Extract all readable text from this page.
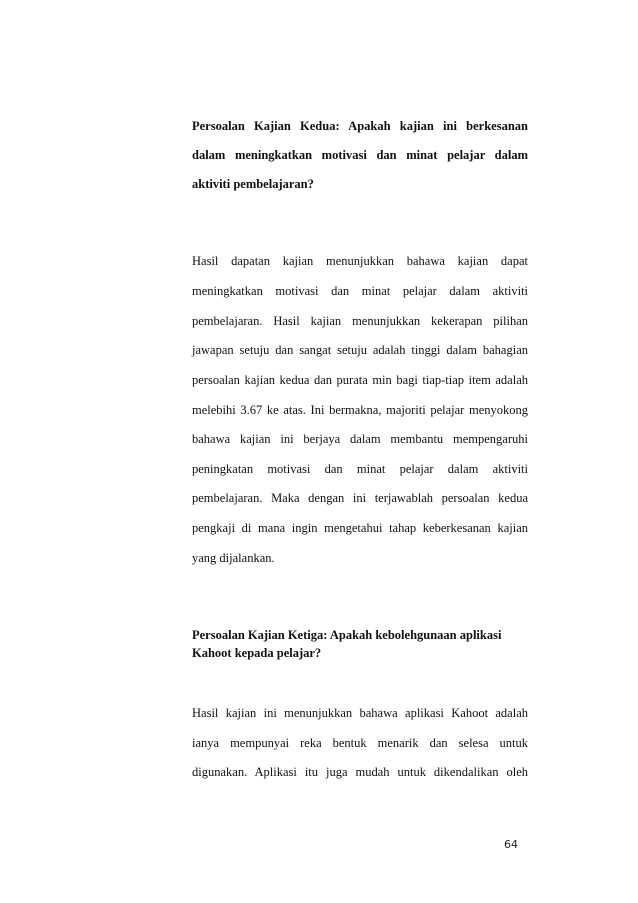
Persoalan Kajian Kedua: Apakah kajian ini berkesanan

dalam meningkatkan motivasi dan minat pelajar dalam

aktiviti pembelajaran?

Hasil dapatan kajian menunjukkan bahawa kajian dapat

meningkatkan motivasi dan minat pelajar dalam aktiviti

pembelajaran. Hasil kajian menunjukkan kekerapan pilihan

jawapan setuju dan sangat setuju adalah tinggi dalam bahagian

persoalan kajian kedua dan purata min bagi tiap-tiap item adalah

melebihi 3.67 ke atas. Ini bermakna, majoriti pelajar menyokong

bahawa kajian ini berjaya dalam membantu mempengaruhi

peningkatan motivasi dan minat pelajar dalam aktiviti

pembelajaran. Maka dengan ini terjawablah persoalan kedua

pengkaji di mana ingin mengetahui tahap keberkesanan kajian

yang dijalankan.

Persoalan Kajian Ketiga: Apakah kebolehgunaan aplikasi

Kahoot kepada pelajar?

Hasil kajian ini menunjukkan bahawa aplikasi Kahoot adalah

ianya mempunyai reka bentuk menarik dan selesa untuk

digunakan. Aplikasi itu juga mudah untuk dikendalikan oleh

64
